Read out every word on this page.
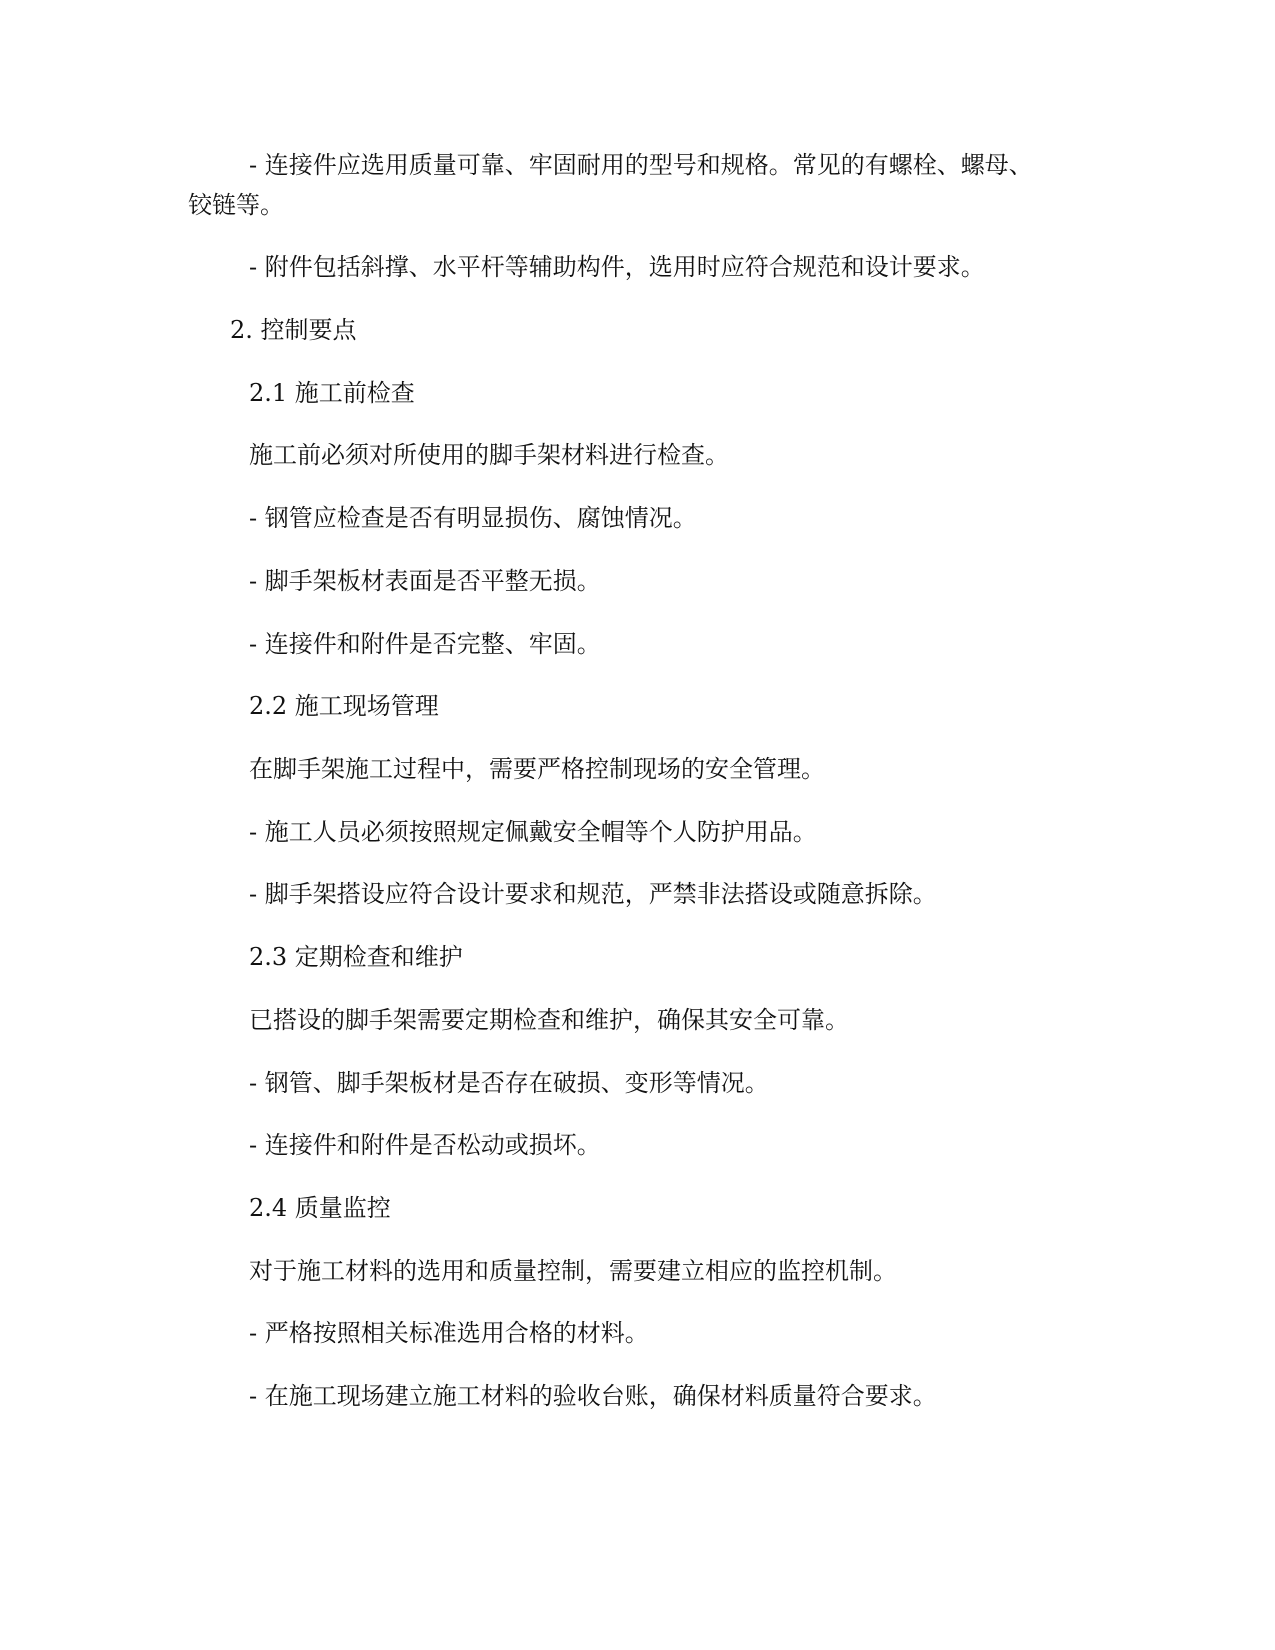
- 连接件应选用质量可靠、牢固耐用的型号和规格。常见的有螺栓、螺母、

铰链等。

- 附件包括斜撑、水平杆等辅助构件，选用时应符合规范和设计要求。

2. 控制要点

2.1 施工前检查

施工前必须对所使用的脚手架材料进行检查。

- 钢管应检查是否有明显损伤、腐蚀情况。

- 脚手架板材表面是否平整无损。

- 连接件和附件是否完整、牢固。

2.2 施工现场管理

在脚手架施工过程中，需要严格控制现场的安全管理。

- 施工人员必须按照规定佩戴安全帽等个人防护用品。

- 脚手架搭设应符合设计要求和规范，严禁非法搭设或随意拆除。

2.3 定期检查和维护

已搭设的脚手架需要定期检查和维护，确保其安全可靠。

- 钢管、脚手架板材是否存在破损、变形等情况。

- 连接件和附件是否松动或损坏。

2.4 质量监控

对于施工材料的选用和质量控制，需要建立相应的监控机制。

- 严格按照相关标准选用合格的材料。

- 在施工现场建立施工材料的验收台账，确保材料质量符合要求。
